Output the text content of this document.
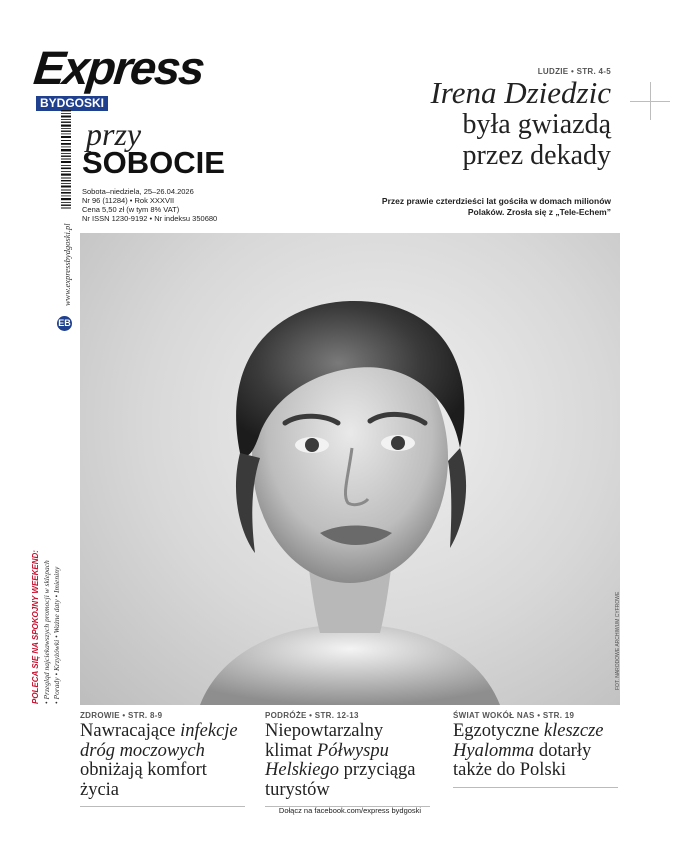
Express
BYDGOSKI
przy
SOBOCIE
Sobota–niedziela, 25–26.04.2026
Nr 96 (11284) • Rok XXXVII
Cena 5,50 zł (w tym 8% VAT)
Nr ISSN 1230-9192 • Nr indeksu 350680
LUDZIE • STR. 4-5
Irena Dziedzic
była gwiazdą
przez dekady
Przez prawie czterdzieści lat gościła w domach milionów
Polaków. Zrosła się z „Tele-Echem”
FOT. NARODOWE ARCHIWUM CYFROWE
www.expressbydgoski.pl
EB
POLECA SIĘ NA SPOKOJNY WEEKEND: • Przegląd najciekawszych promocji w sklepach • Porady • Krzyżówki • Ważne daty • Imieniny
ZDROWIE • STR. 8-9
Nawracające infekcje dróg moczowych obniżają komfort życia
PODRÓŻE • STR. 12-13
Niepowtarzalny klimat Półwyspu Helskiego przyciąga turystów
ŚWIAT WOKÓŁ NAS • STR. 19
Egzotyczne kleszcze Hyalomma dotarły także do Polski
Dołącz na facebook.com/express bydgoski
